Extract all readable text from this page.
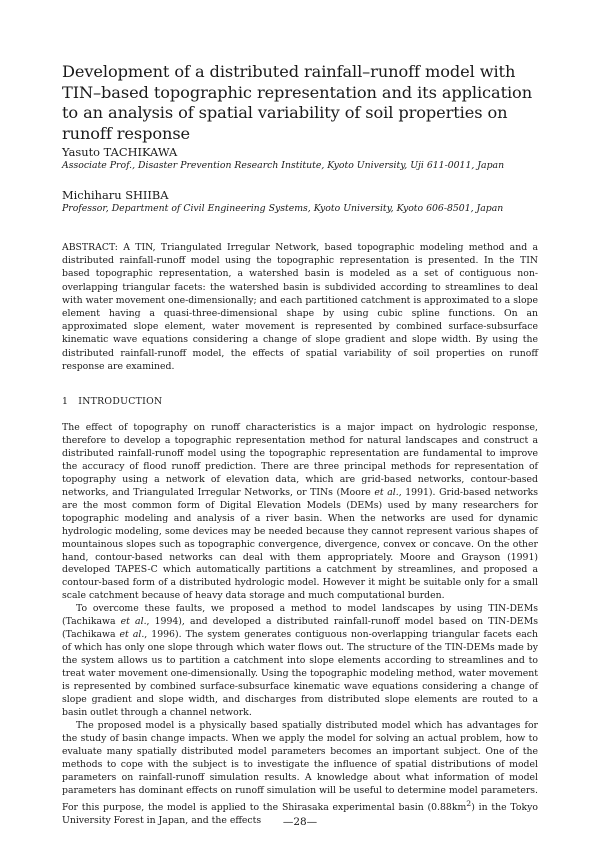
Development of a distributed rainfall–runoff model with TIN–based topographic representation and its application to an analysis of spatial variability of soil properties on runoff response

Yasuto TACHIKAWA

Associate Prof., Disaster Prevention Research Institute, Kyoto University, Uji 611-0011, Japan

Michiharu SHIIBA

Professor, Department of Civil Engineering Systems, Kyoto University, Kyoto 606-8501, Japan

ABSTRACT: A TIN, Triangulated Irregular Network, based topographic modeling method and a distributed rainfall-runoff model using the topographic representation is presented. In the TIN based topographic representation, a watershed basin is modeled as a set of contiguous non-overlapping triangular facets: the watershed basin is subdivided according to streamlines to deal with water movement one-dimensionally; and each partitioned catchment is approximated to a slope element having a quasi-three-dimensional shape by using cubic spline functions. On an approximated slope element, water movement is represented by combined surface-subsurface kinematic wave equations considering a change of slope gradient and slope width. By using the distributed rainfall-runoff model, the effects of spatial variability of soil properties on runoff response are examined.

1 INTRODUCTION

The effect of topography on runoff characteristics is a major impact on hydrologic response, therefore to develop a topographic representation method for natural landscapes and construct a distributed rainfall-runoff model using the topographic representation are fundamental to improve the accuracy of flood runoff prediction. There are three principal methods for representation of topography using a network of elevation data, which are grid-based networks, contour-based networks, and Triangulated Irregular Networks, or TINs (Moore et al., 1991). Grid-based networks are the most common form of Digital Elevation Models (DEMs) used by many researchers for topographic modeling and analysis of a river basin. When the networks are used for dynamic hydrologic modeling, some devices may be needed because they cannot represent various shapes of mountainous slopes such as topographic convergence, divergence, convex or concave. On the other hand, contour-based networks can deal with them appropriately. Moore and Grayson (1991) developed TAPES-C which automatically partitions a catchment by streamlines, and proposed a contour-based form of a distributed hydrologic model. However it might be suitable only for a small scale catchment because of heavy data storage and much computational burden.

To overcome these faults, we proposed a method to model landscapes by using TIN-DEMs (Tachikawa et al., 1994), and developed a distributed rainfall-runoff model based on TIN-DEMs (Tachikawa et al., 1996). The system generates contiguous non-overlapping triangular facets each of which has only one slope through which water flows out. The structure of the TIN-DEMs made by the system allows us to partition a catchment into slope elements according to streamlines and to treat water movement one-dimensionally. Using the topographic modeling method, water movement is represented by combined surface-subsurface kinematic wave equations considering a change of slope gradient and slope width, and discharges from distributed slope elements are routed to a basin outlet through a channel network.

The proposed model is a physically based spatially distributed model which has advantages for the study of basin change impacts. When we apply the model for solving an actual problem, how to evaluate many spatially distributed model parameters becomes an important subject. One of the methods to cope with the subject is to investigate the influence of spatial distributions of model parameters on rainfall-runoff simulation results. A knowledge about what information of model parameters has dominant effects on runoff simulation will be useful to determine model parameters. For this purpose, the model is applied to the Shirasaka experimental basin $(0.88km^2)$ in the Tokyo University Forest in Japan, and the effects	—28—
